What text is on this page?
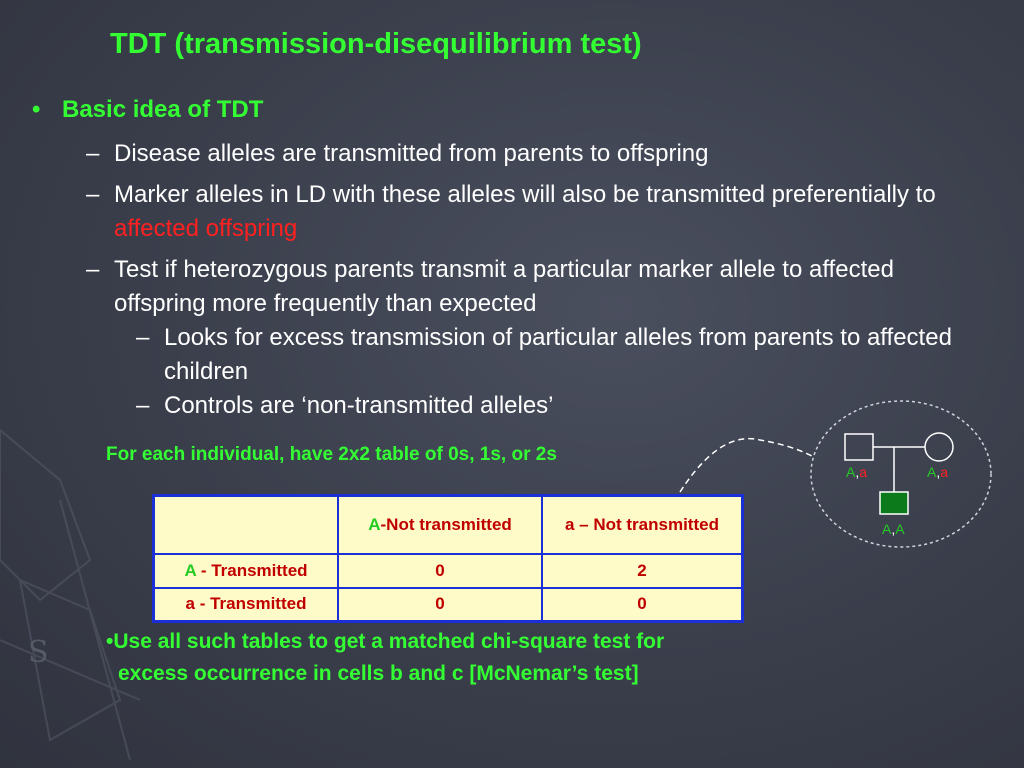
S
TDT (transmission-disequilibrium test)
• Basic idea of TDT
– Disease alleles are transmitted from parents to offspring
– Marker alleles in LD with these alleles will also be transmitted preferentially to affected offspring
– Test if heterozygous parents transmit a particular marker allele to affected offspring more frequently than expected
– Looks for excess transmission of particular alleles from parents to affected children
– Controls are ‘non-transmitted alleles’
For each individual, have 2x2 table of 0s, 1s, or 2s
A,a	A,a
A,A
	A-Not transmitted	a – Not transmitted
A - Transmitted	0	2
a - Transmitted	0	0
•Use all such tables to get a matched chi-square test for
excess occurrence in cells b and c [McNemar’s test]
